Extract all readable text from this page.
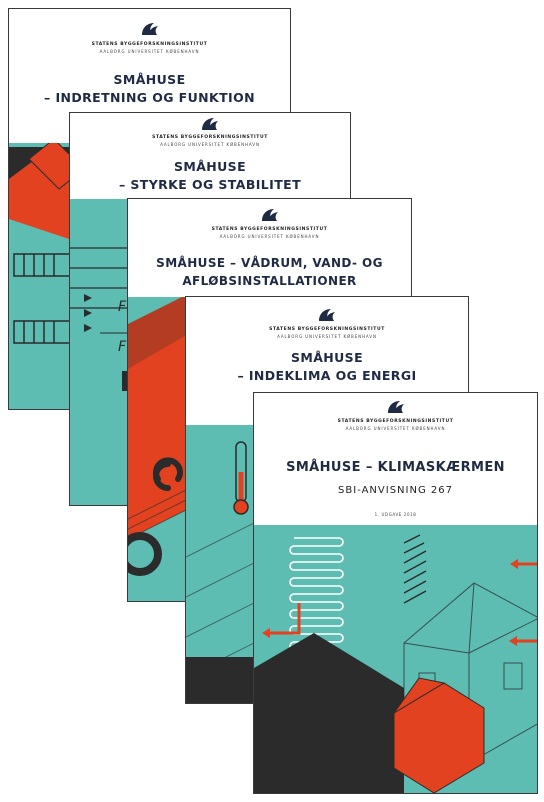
STATENS BYGGEFORSKNINGSINSTITUT
AALBORG UNIVERSITET KØBENHAVN
SMÅHUSE
– INDRETNING OG FUNKTION
F
F
STATENS BYGGEFORSKNINGSINSTITUT
AALBORG UNIVERSITET KØBENHAVN
SMÅHUSE
– STYRKE OG STABILITET
STATENS BYGGEFORSKNINGSINSTITUT
AALBORG UNIVERSITET KØBENHAVN
SMÅHUSE – VÅDRUM, VAND- OG
AFLØBSINSTALLATIONER
STATENS BYGGEFORSKNINGSINSTITUT
AALBORG UNIVERSITET KØBENHAVN
SMÅHUSE
– INDEKLIMA OG ENERGI
STATENS BYGGEFORSKNINGSINSTITUT
AALBORG UNIVERSITET KØBENHAVN
SMÅHUSE – KLIMASKÆRMEN
SBI-ANVISNING 267
1. UDGAVE 2018
